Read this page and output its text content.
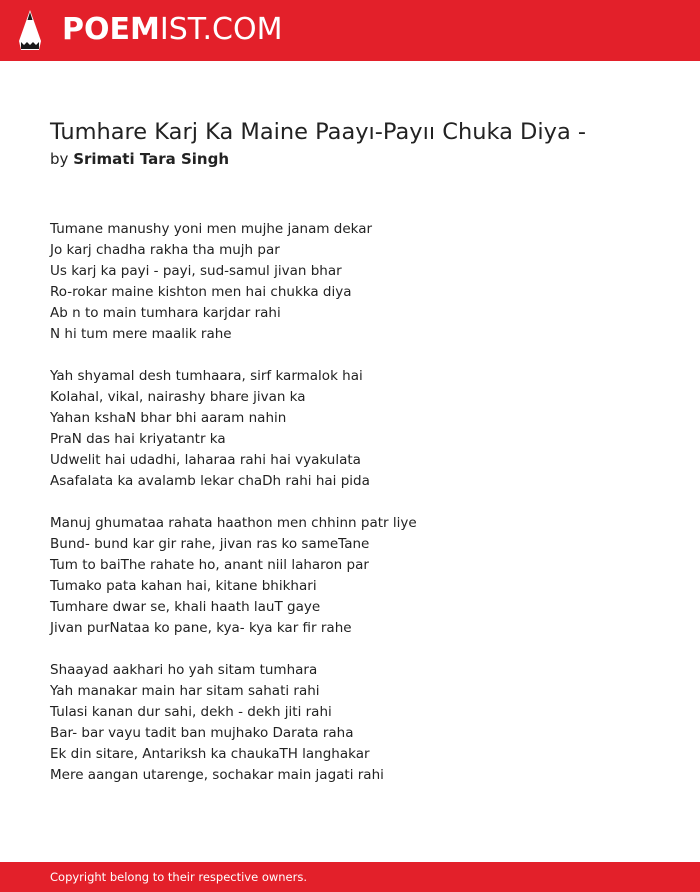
POEMIST.COM
Tumhare Karj Ka Maine Paayı-Payıı Chuka Diya -
by Srimati Tara Singh
Tumane manushy yoni men mujhe janam dekar
Jo karj chadha rakha tha mujh par
Us karj ka payi - payi, sud-samul jivan bhar
Ro-rokar maine kishton men hai chukka diya
Ab n to main tumhara karjdar rahi
N hi tum mere maalik rahe
Yah shyamal desh tumhaara, sirf karmalok hai
Kolahal, vikal, nairashy bhare jivan ka
Yahan kshaN bhar bhi aaram nahin
PraN das hai kriyatantr ka
Udwelit hai udadhi, laharaa rahi hai vyakulata
Asafalata ka avalamb lekar chaDh rahi hai pida
Manuj ghumataa rahata haathon men chhinn patr liye
Bund- bund kar gir rahe, jivan ras ko sameTane
Tum to baiThe rahate ho, anant niil laharon par
Tumako pata kahan hai, kitane bhikhari
Tumhare dwar se, khali haath lauT gaye
Jivan purNataa ko pane, kya- kya kar fir rahe
Shaayad aakhari ho yah sitam tumhara
Yah manakar main har sitam sahati rahi
Tulasi kanan dur sahi, dekh - dekh jiti rahi
Bar- bar vayu tadit ban mujhako Darata raha
Ek din sitare, Antariksh ka chaukaTH langhakar
Mere aangan utarenge, sochakar main jagati rahi
Copyright belong to their respective owners.
